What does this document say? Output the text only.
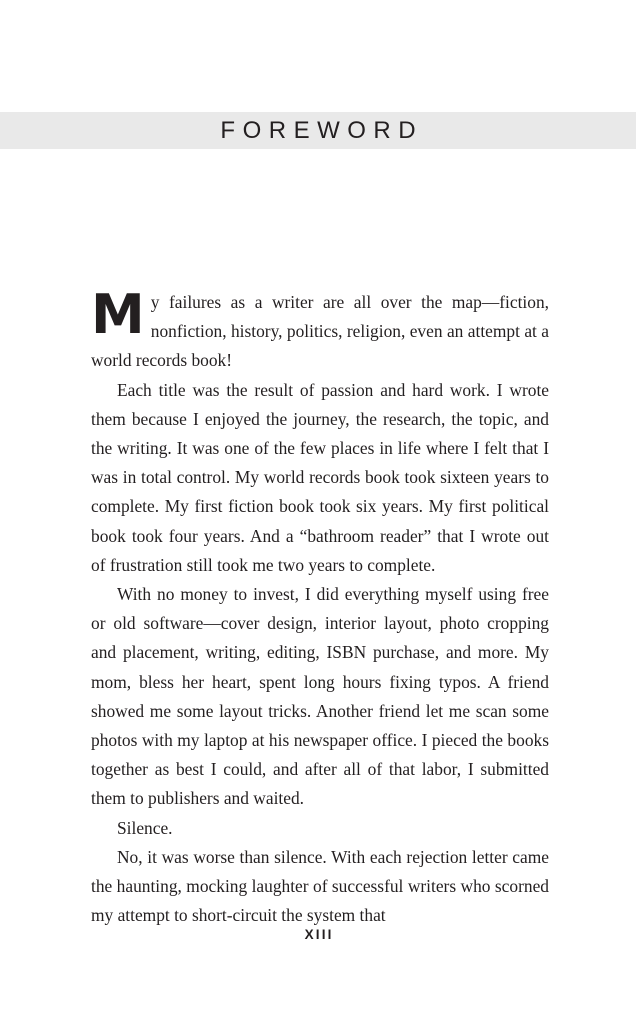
FOREWORD

My failures as a writer are all over the map—fiction, nonfiction, history, politics, religion, even an attempt at a world records book!

Each title was the result of passion and hard work. I wrote them because I enjoyed the journey, the research, the topic, and the writing. It was one of the few places in life where I felt that I was in total control. My world records book took sixteen years to complete. My first fiction book took six years. My first political book took four years. And a “bathroom reader” that I wrote out of frustration still took me two years to complete.

With no money to invest, I did everything myself using free or old software—cover design, interior layout, photo cropping and placement, writing, editing, ISBN purchase, and more. My mom, bless her heart, spent long hours fixing typos. A friend showed me some layout tricks. Another friend let me scan some photos with my laptop at his newspaper office. I pieced the books together as best I could, and after all of that labor, I submitted them to publishers and waited.

Silence.

No, it was worse than silence. With each rejection letter came the haunting, mocking laughter of successful writers who scorned my attempt to short-circuit the system that

XIII
